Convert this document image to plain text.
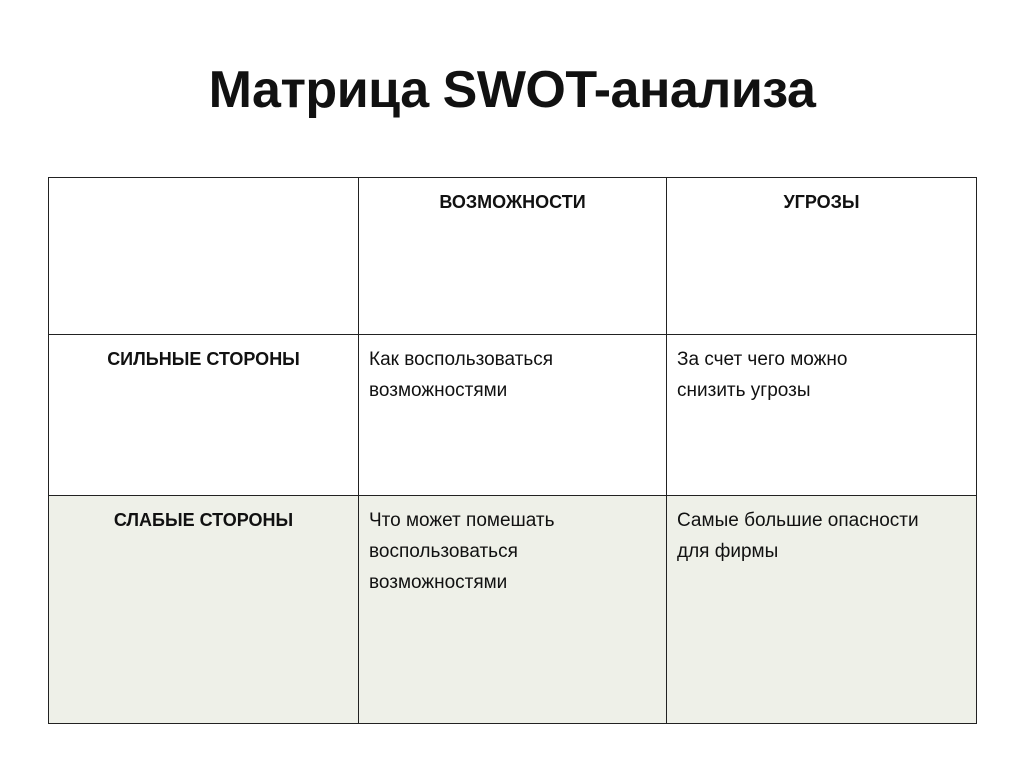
Матрица SWOT-анализа
	ВОЗМОЖНОСТИ	УГРОЗЫ
СИЛЬНЫЕ СТОРОНЫ	Как воспользоваться возможностями	За счет чего можно снизить угрозы
СЛАБЫЕ СТОРОНЫ	Что может помешать воспользоваться возможностями	Самые большие опасности для фирмы
